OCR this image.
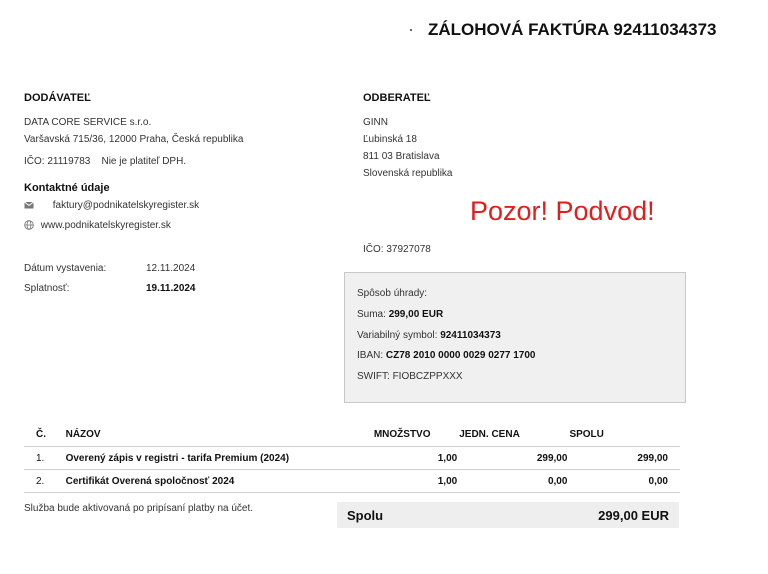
ZÁLOHOVÁ FAKTÚRA 92411034373
DODÁVATEĽ
DATA CORE SERVICE s.r.o.
Varšavská 715/36, 12000 Praha, Česká republika
IČO: 21119783 Nie je platiteľ DPH.
Kontaktné údaje
faktury@podnikatelskyregister.sk
www.podnikatelskyregister.sk
Dátum vystavenia:	12.11.2024
Splatnosť:	19.11.2024
ODBERATEĽ
GINN
Ľubinská 18
811 03 Bratislava
Slovenská republika
IČO: 37927078
Pozor! Podvod!
Spôsob úhrady:
Suma: 299,00 EUR
Variabilný symbol: 92411034373
IBAN: CZ78 2010 0000 0029 0277 1700
SWIFT: FIOBCZPPXXX
Č.	NÁZOV	MNOŽSTVO	JEDN. CENA	SPOLU
1.	Overený zápis v registri - tarifa Premium (2024)	1,00	299,00	299,00
2.	Certifikát Overená spoločnosť 2024	1,00	0,00	0,00
Služba bude aktivovaná po pripísaní platby na účet.	Spolu	299,00 EUR
